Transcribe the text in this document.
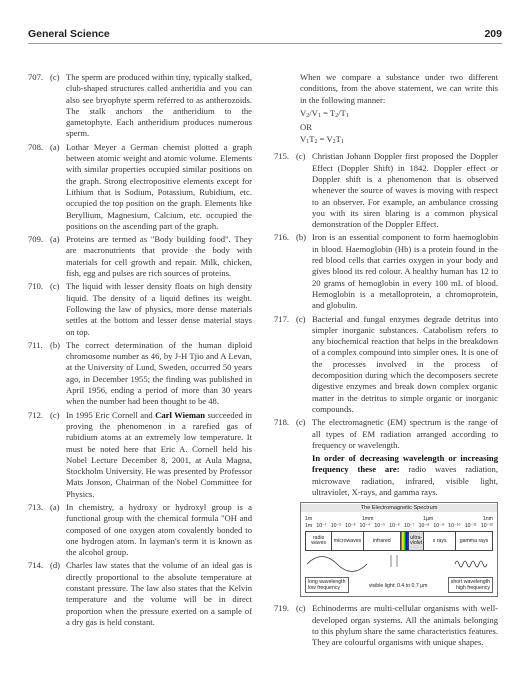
General Science	209
707. (c) The sperm are produced within tiny, typically stalked, club-shaped structures called antheridia and you can also see bryophyte sperm referred to as antherozoids. The stalk anchors the antheridium to the gametophyte. Each antheridium produces numerous sperm.
708. (a) Lothar Meyer a German chemist plotted a graph between atomic weight and atomic volume. Elements with similar properties occupied similar positions on the graph. Strong electropositive elements except for Lithium that is Sodium, Potassium, Rubidium, etc. occupied the top position on the graph. Elements like Beryllium, Magnesium, Calcium, etc. occupied the positions on the ascending part of the graph.
709. (a) Proteins are termed as "Body building food". They are macronutrients that provide the body with materials for cell growth and repair. Milk, chicken, fish, egg and pulses are rich sources of proteins.
710. (c) The liquid with lesser density floats on high density liquid. The density of a liquid defines its weight. Following the law of physics, more dense materials settles at the bottom and lesser dense material stays on top.
711. (b) The correct determination of the human diploid chromosome number as 46, by J-H Tjio and A Levan, at the University of Lund, Sweden, occurred 50 years ago, in December 1955; the finding was published in April 1956, ending a period of more than 30 years when the number had been thought to be 48.
712. (c) In 1995 Eric Cornell and Carl Wieman succeeded in proving the phenomenon in a rarefied gas of rubidium atoms at an extremely low temperature. It must be noted here that Eric A. Cornell held his Nobel Lecture December 8, 2001, at Aula Magna, Stockholm University. He was presented by Professor Mats Jonson, Chairman of the Nobel Committee for Physics.
713. (a) In chemistry, a hydroxy or hydroxyl group is a functional group with the chemical formula "OH and composed of one oxygen atom covalently bonded to one hydrogen atom. In layman's term it is known as the alcohol group.
714. (d) Charles law states that the volume of an ideal gas is directly proportional to the absolute temperature at constant pressure. The law also states that the Kelvin temperature and the volume will be in direct proportion when the pressure exerted on a sample of a dry gas is held constant.
When we compare a substance under two different conditions, from the above statement, we can write this in the following manner:
$V_2/V_1 = T_2/T_1$
OR
$V_1T_2 = V_2T_1$
715. (c) Christian Johann Doppler first proposed the Doppler Effect (Doppler Shift) in 1842. Doppler effect or Doppler shift is a phenomenon that is observed whenever the source of waves is moving with respect to an observer. For example, an ambulance crossing you with its siren blaring is a common physical demonstration of the Doppler Effect.
716. (b) Iron is an essential component to form haemoglobin in blood. Haemoglobin (Hb) is a protein found in the red blood cells that carries oxygen in your body and gives blood its red colour. A healthy human has 12 to 20 grams of hemoglobin in every 100 mL of blood. Hemoglobin is a metalloprotein, a chromoprotein, and globulin.
717. (c) Bacterial and fungal enzymes degrade detritus into simpler inorganic substances. Catabolism refers to any biochemical reaction that helps in the breakdown of a complex compound into simpler ones. It is one of the processes involved in the process of decomposition during which the decomposers secrete digestive enzymes and break down complex organic matter in the detritus to simple organic or inorganic compounds.
718. (c) The electromagnetic (EM) spectrum is the range of all types of EM radiation arranged according to frequency or wavelength.
In order of decreasing wavelength or increasing frequency these are: radio waves radiation, microwave radiation, infrared, visible light, ultraviolet, X-rays, and gamma rays.
The Electromagnetic Spectrum
1m	1mm	1µm	1nm
1m 10⁻¹ 10⁻² 10⁻³ 10⁻⁴ 10⁻⁵ 10⁻⁶ 10⁻⁷ 10⁻⁸ 10⁻⁹ 10⁻¹⁰ 10⁻¹¹ 10⁻¹²
radio waves	microwaves	infrared	ultra-violet	x rays	gamma rays
long wavelength
low frequency	visible light: 0.4 to 0.7 µm
short wavelength
high frequency
719. (c) Echinoderms are multi-cellular organisms with well-developed organ systems. All the animals belonging to this phylum share the same characteristics features. They are colourful organisms with unique shapes.
